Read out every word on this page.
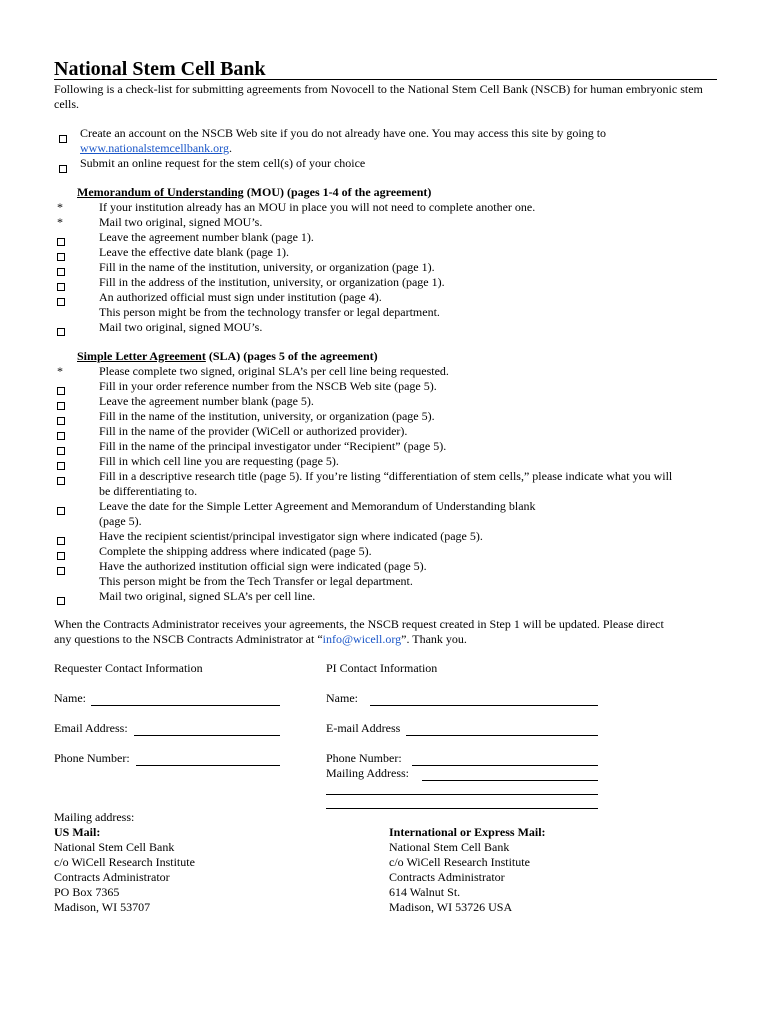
National Stem Cell Bank
Following is a check-list for submitting agreements from Novocell to the National Stem Cell Bank (NSCB) for human embryonic stem cells.
Create an account on the NSCB Web site if you do not already have one. You may access this site by going to
www.nationalstemcellbank.org.
Submit an online request for the stem cell(s) of your choice
Memorandum of Understanding (MOU) (pages 1-4 of the agreement)
*	If your institution already has an MOU in place you will not need to complete another one.
*	Mail two original, signed MOU’s.
Leave the agreement number blank (page 1).
Leave the effective date blank (page 1).
Fill in the name of the institution, university, or organization (page 1).
Fill in the address of the institution, university, or organization (page 1).
An authorized official must sign under institution (page 4).
This person might be from the technology transfer or legal department.
Mail two original, signed MOU’s.
Simple Letter Agreement (SLA) (pages 5 of the agreement)
*	Please complete two signed, original SLA’s per cell line being requested.
Fill in your order reference number from the NSCB Web site (page 5).
Leave the agreement number blank (page 5).
Fill in the name of the institution, university, or organization (page 5).
Fill in the name of the provider (WiCell or authorized provider).
Fill in the name of the principal investigator under “Recipient” (page 5).
Fill in which cell line you are requesting (page 5).
Fill in a descriptive research title (page 5). If you’re listing “differentiation of stem cells,” please indicate what you will
be differentiating to.
Leave the date for the Simple Letter Agreement and Memorandum of Understanding blank
(page 5).
Have the recipient scientist/principal investigator sign where indicated (page 5).
Complete the shipping address where indicated (page 5).
Have the authorized institution official sign were indicated (page 5).
This person might be from the Tech Transfer or legal department.
Mail two original, signed SLA’s per cell line.
When the Contracts Administrator receives your agreements, the NSCB request created in Step 1 will be updated. Please direct
any questions to the NSCB Contracts Administrator at “info@wicell.org”. Thank you.
Requester Contact Information	PI Contact Information
Name:	Name:
Email Address:	E-mail Address
Phone Number:	Phone Number:
Mailing Address:
Mailing address:
US Mail:
National Stem Cell Bank
c/o WiCell Research Institute
Contracts Administrator
PO Box 7365
Madison, WI 53707
International or Express Mail:
National Stem Cell Bank
c/o WiCell Research Institute
Contracts Administrator
614 Walnut St.
Madison, WI 53726 USA
